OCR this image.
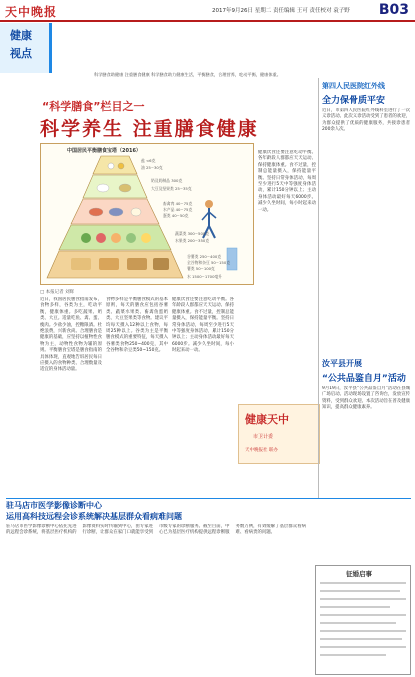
天中晚报	2017年9月26日 星期二 责任编辑 王可 责任校对 袁子野 B03
健康
视点
科学膳食助健康 注重膳食健康 科学膳食助力健康生活，平衡膳食，合理营养，吃动平衡，健康体重。
“科学膳食”栏目之一
科学养生 注重膳食健康
中国居民平衡膳食宝塔（2016）
盐 <6克
油 25~30克
奶及奶制品 300克
大豆及坚果类 25~35克
畜禽肉 40~75克
水产品 40~75克
蛋类 40~50克
蔬菜类 300~500克
水果类 200~350克
谷薯类 250~400克
全谷物和杂豆 50~150克
薯类 50~100克
水 1500~1700毫升
□ 本报记者 刘辉
近日，我国居民膳食指南发布，食物多样，谷类为主，吃动平衡，健康体重。多吃蔬果、奶类、大豆。适量吃鱼、禽、蛋、瘦肉。少盐少油，控糖限酒。杜绝浪费，兴新食尚。合理膳食是健康的基础，应坚持以植物性食物为主，动物性食物为辅的原则。平衡膳食宝塔是膳食指南的具体体现，直观地告诉居民每日应摄入的食物种类、合理数量及适宜的身体活动量。
食物多样是平衡膳食模式的基本原则，每天的膳食应包括谷薯类、蔬菜水果类、畜禽鱼蛋奶类、大豆坚果类等食物。建议平均每天摄入12种以上食物，每周25种以上。谷类为主是平衡膳食模式的重要特征，每天摄入谷薯类食物250~400克，其中全谷物和杂豆类50~150克。
健康饮食还要注意吃动平衡。各年龄段人群都应天天运动、保持健康体重。食不过量，控制总能量摄入，保持能量平衡。坚持日常身体活动，每周至少进行5天中等强度身体活动，累计150分钟以上；主动身体活动最好每天6000步。减少久坐时间，每小时起来动一动。
健康饮食还要注意吃动平衡。各年龄段人群都应天天运动、保持健康体重。食不过量，控制总能量摄入，保持能量平衡。坚持日常身体活动，每周至少进行5天中等强度身体活动，累计150分钟以上；主动身体活动最好每天6000步。减少久坐时间，每小时起来动一动。
健康天中
市卫计委
天中晚报社 联办
第四人民医院红外线
全力保骨质平安
近日，市第四人民医院红外线科室进行了一次义诊活动。此次义诊活动受到了患者的欢迎，为群众提供了优质的健康服务，共接诊患者200余人次。
汝平县开展
“公共品鉴自月”活动
9月19日，汝平县“公共品鉴自月”活动在县城广场启动。活动现场设置了咨询台，发放宣传资料，受到群众欢迎。本次活动旨在普及健康知识，提高群众健康素养。
驻马店市医学影像诊断中心
运用高科技远程会诊系统解决基层群众看病难问题
驻马店市医学影像诊断中心依托先进的远程会诊系统，将基层医疗机构的影像资料实时传输到中心，由专家进行诊断，让群众在家门口就能享受到市级专家的诊断服务。截至目前，中心已为基层医疗机构提供远程诊断服务数万例，有效缓解了基层群众看病难、看病贵的问题。
征婚启事
